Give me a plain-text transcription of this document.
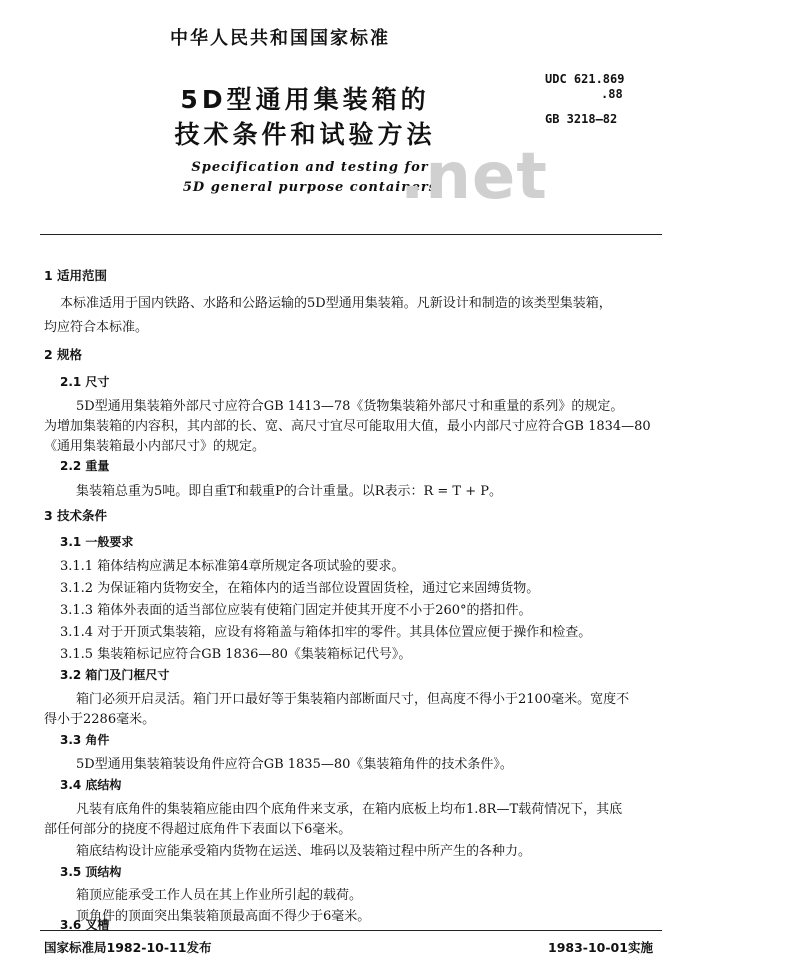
中华人民共和国国家标准
5D型通用集装箱的
技术条件和试验方法
Specification and testing for
5D general purpose containers
UDC 621.869
.88
GB 3218—82
.net
1 适用范围
本标准适用于国内铁路、水路和公路运输的5D型通用集装箱。凡新设计和制造的该类型集装箱，
均应符合本标准。
2 规格
2.1 尺寸
5D型通用集装箱外部尺寸应符合GB 1413—78《货物集装箱外部尺寸和重量的系列》的规定。
为增加集装箱的内容积，其内部的长、宽、高尺寸宜尽可能取用大值，最小内部尺寸应符合GB 1834—80
《通用集装箱最小内部尺寸》的规定。
2.2 重量
集装箱总重为5吨。即自重T和载重P的合计重量。以R表示：R = T + P。
3 技术条件
3.1 一般要求
3.1.1 箱体结构应满足本标准第4章所规定各项试验的要求。
3.1.2 为保证箱内货物安全，在箱体内的适当部位设置固货栓，通过它来固缚货物。
3.1.3 箱体外表面的适当部位应装有使箱门固定并使其开度不小于260°的搭扣件。
3.1.4 对于开顶式集装箱，应设有将箱盖与箱体扣牢的零件。其具体位置应便于操作和检查。
3.1.5 集装箱标记应符合GB 1836—80《集装箱标记代号》。
3.2 箱门及门框尺寸
箱门必须开启灵活。箱门开口最好等于集装箱内部断面尺寸，但高度不得小于2100毫米。宽度不
得小于2286毫米。
3.3 角件
5D型通用集装箱装设角件应符合GB 1835—80《集装箱角件的技术条件》。
3.4 底结构
凡装有底角件的集装箱应能由四个底角件来支承，在箱内底板上均布1.8R—T载荷情况下，其底
部任何部分的挠度不得超过底角件下表面以下6毫米。
箱底结构设计应能承受箱内货物在运送、堆码以及装箱过程中所产生的各种力。
3.5 顶结构
箱顶应能承受工作人员在其上作业所引起的载荷。
顶角件的顶面突出集装箱顶最高面不得少于6毫米。
3.6 叉槽
国家标准局1982-10-11发布	1983-10-01实施
